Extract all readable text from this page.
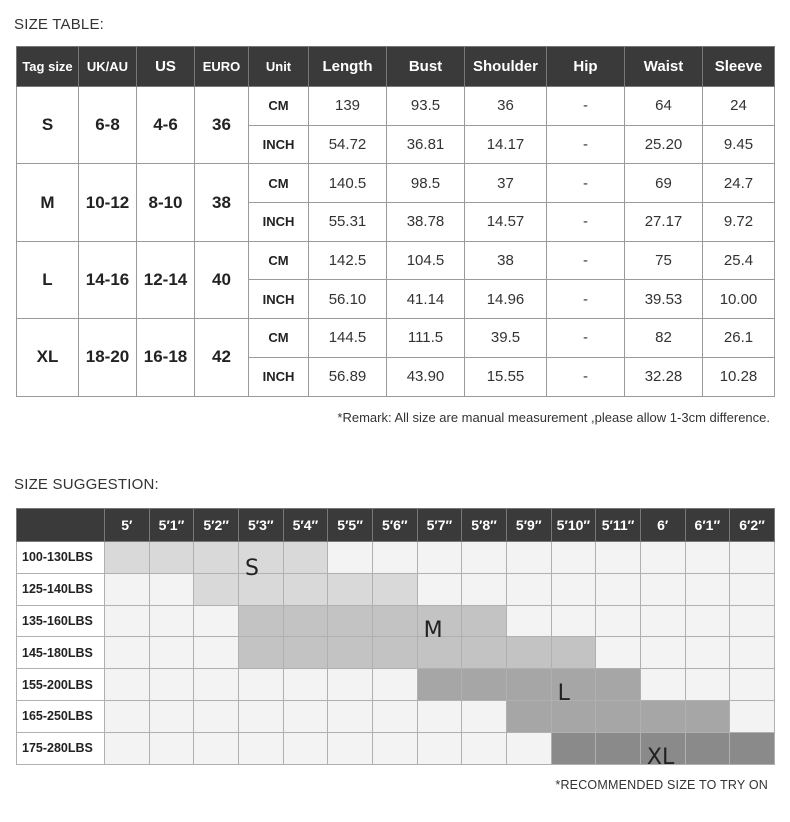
SIZE TABLE:
Tag size	UK/AU	US	EURO	Unit	Length	Bust	Shoulder	Hip	Waist	Sleeve
S	6-8	4-6	36	CM	139	93.5	36	-	64	24
				INCH	54.72	36.81	14.17	-	25.20	9.45
M	10-12	8-10	38	CM	140.5	98.5	37	-	69	24.7
				INCH	55.31	38.78	14.57	-	27.17	9.72
L	14-16	12-14	40	CM	142.5	104.5	38	-	75	25.4
				INCH	56.10	41.14	14.96	-	39.53	10.00
XL	18-20	16-18	42	CM	144.5	111.5	39.5	-	82	26.1
				INCH	56.89	43.90	15.55	-	32.28	10.28
*Remark: All size are manual measurement ,please allow 1-3cm difference.
SIZE SUGGESTION:
	5′	5′1″	5′2″	5′3″	5′4″	5′5″	5′6″	5′7″	5′8″	5′9″	5′10″	5′11″	6′	6′1″	6′2″
100-130LBS				S											

125-140LBS															
135-160LBS								M							

145-180LBS															
155-200LBS											L				

165-250LBS															
175-280LBS													XL		

*RECOMMENDED SIZE TO TRY ON
